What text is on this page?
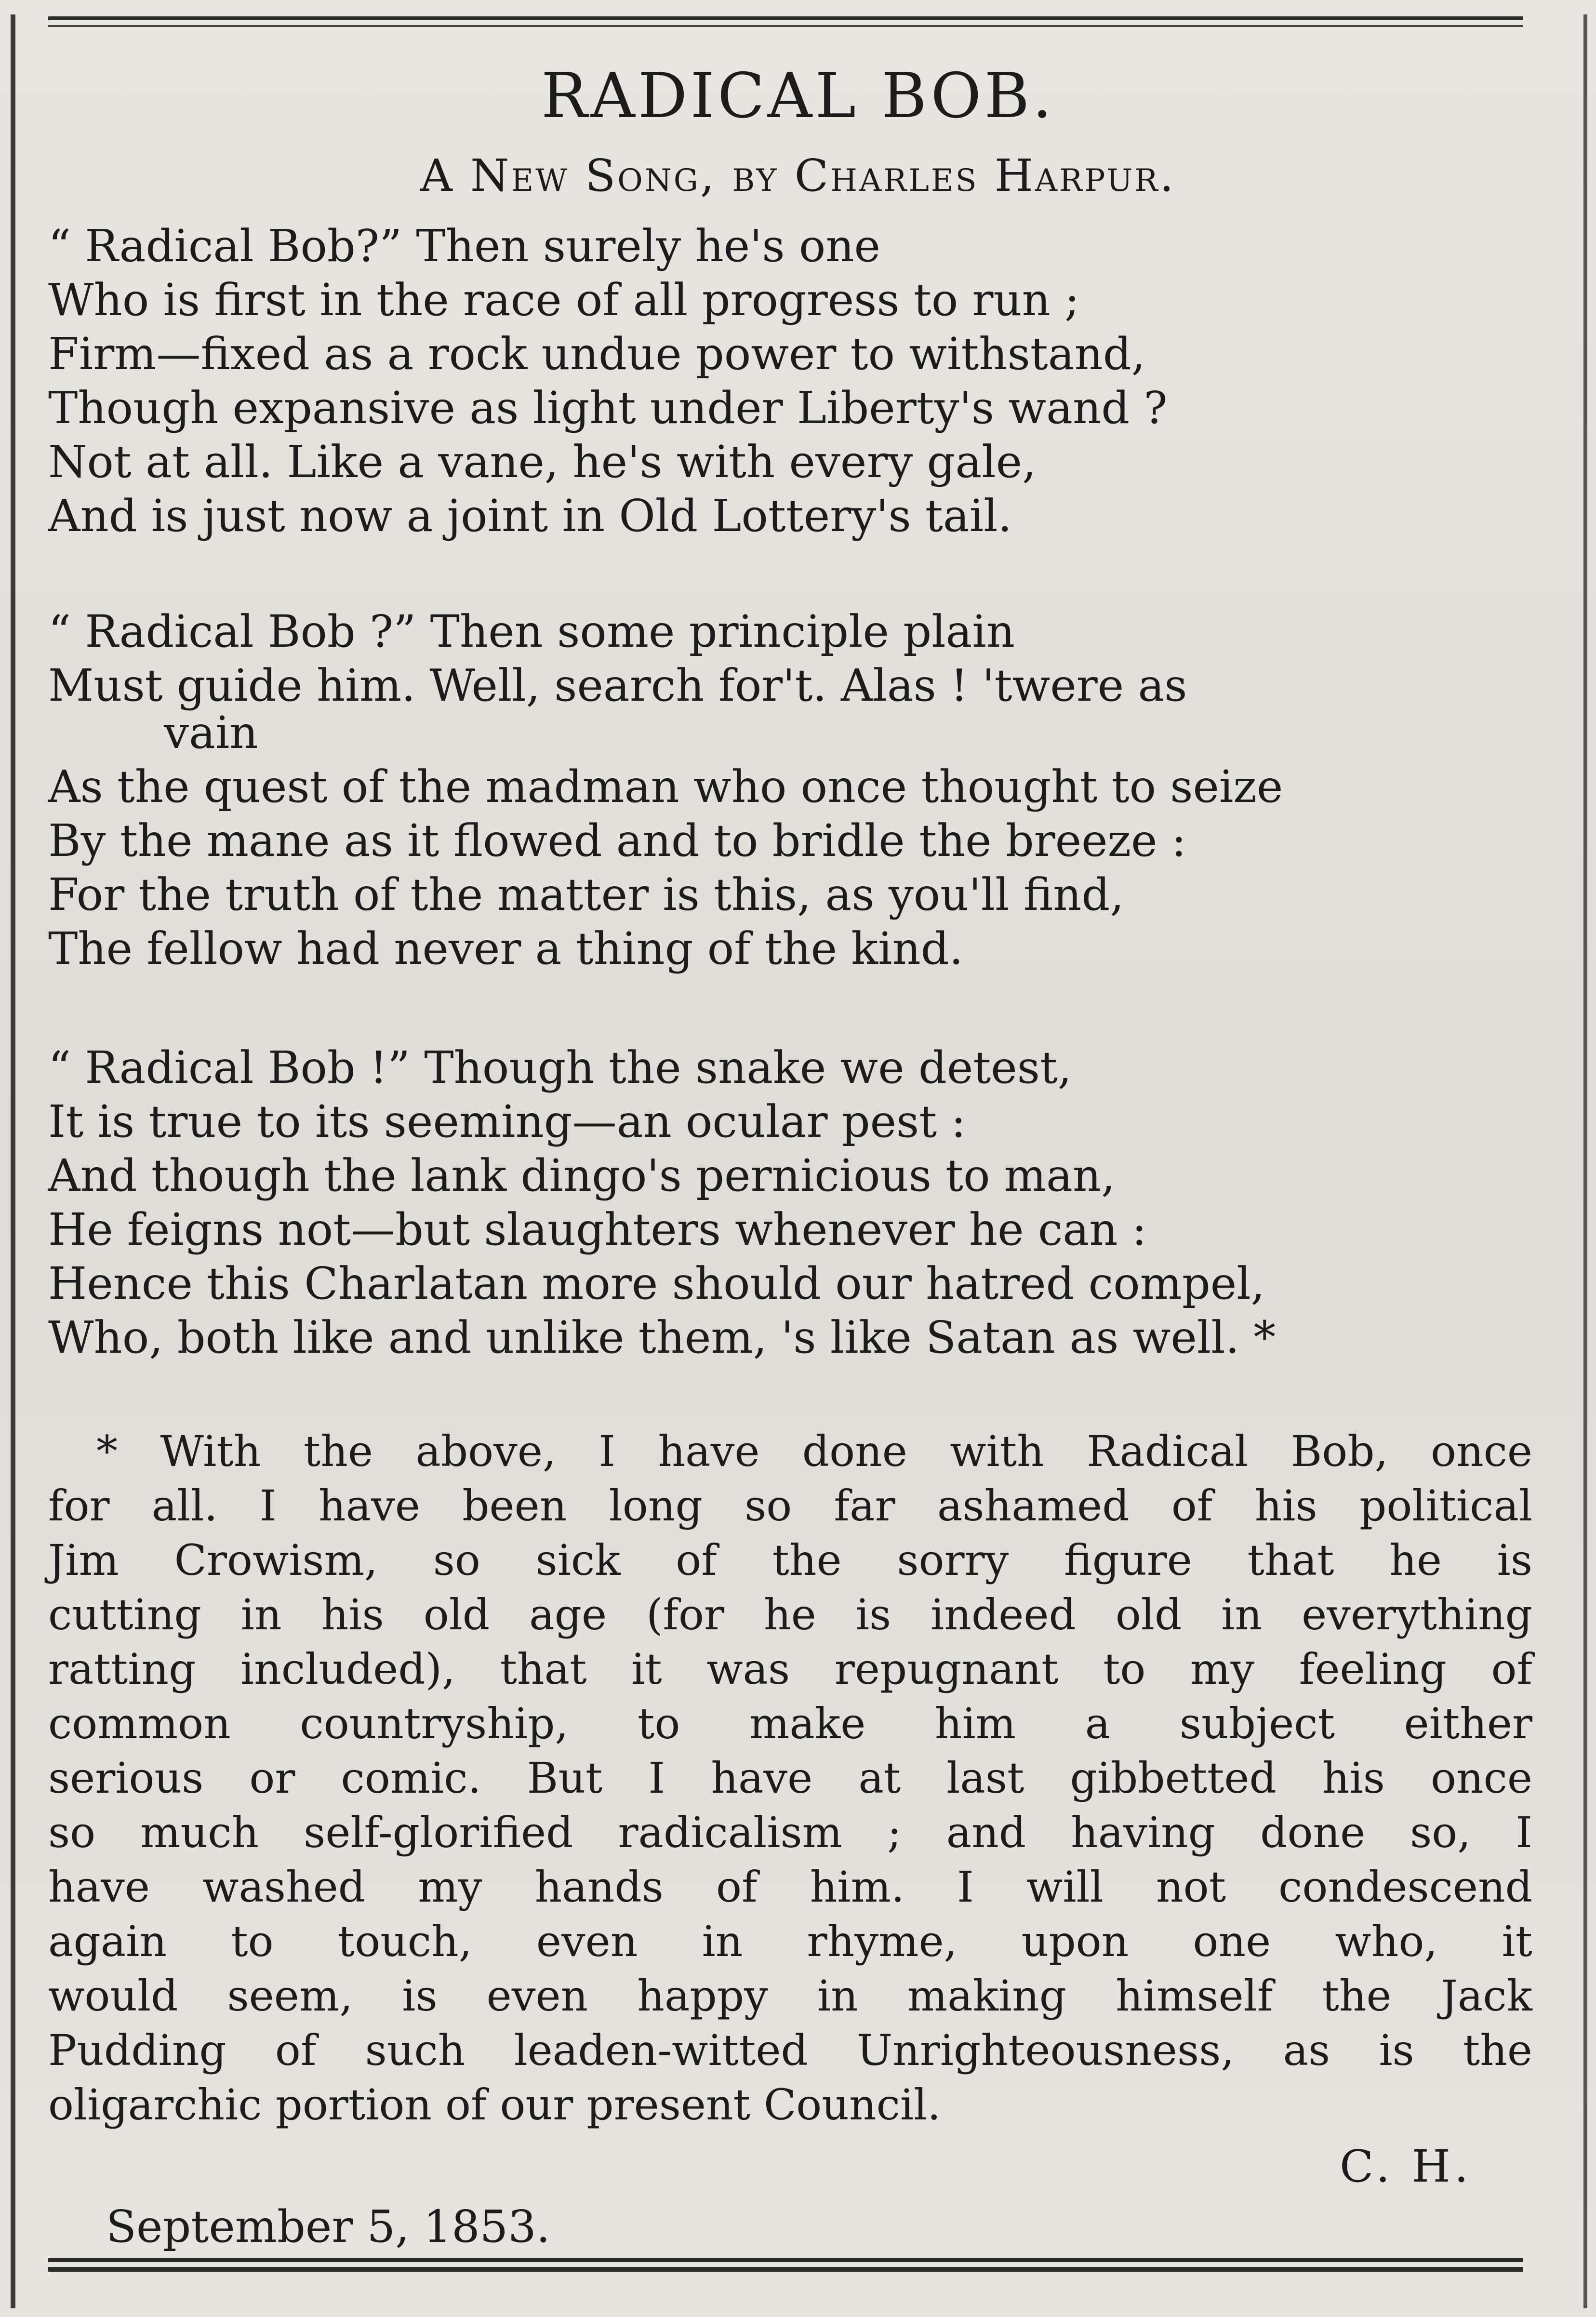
RADICAL BOB.
A New Song, by Charles Harpur.
“ Radical Bob?” Then surely he's one
Who is first in the race of all progress to run ;
Firm—fixed as a rock undue power to withstand,
Though expansive as light under Liberty's wand ?
Not at all. Like a vane, he's with every gale,
And is just now a joint in Old Lottery's tail.
“ Radical Bob ?” Then some principle plain
Must guide him. Well, search for't. Alas ! 'twere as
vain
As the quest of the madman who once thought to seize
By the mane as it flowed and to bridle the breeze :
For the truth of the matter is this, as you'll find,
The fellow had never a thing of the kind.
“ Radical Bob !” Though the snake we detest,
It is true to its seeming—an ocular pest :
And though the lank dingo's pernicious to man,
He feigns not—but slaughters whenever he can :
Hence this Charlatan more should our hatred compel,
Who, both like and unlike them, 's like Satan as well. *
* With the above, I have done with Radical Bob, once
for all. I have been long so far ashamed of his political
Jim Crowism, so sick of the sorry figure that he is
cutting in his old age (for he is indeed old in everything
ratting included), that it was repugnant to my feeling of
common countryship, to make him a subject either
serious or comic. But I have at last gibbetted his once
so much self-glorified radicalism ; and having done so, I
have washed my hands of him. I will not condescend
again to touch, even in rhyme, upon one who, it
would seem, is even happy in making himself the Jack
Pudding of such leaden-witted Unrighteousness, as is the
oligarchic portion of our present Council.
C. H.
September 5, 1853.
